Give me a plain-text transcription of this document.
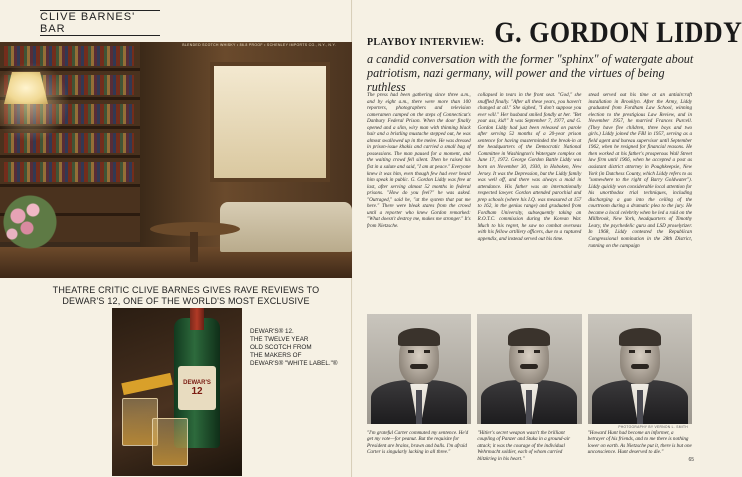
CLIVE BARNES' BAR
BLENDED SCOTCH WHISKY • 86.8 PROOF • SCHENLEY IMPORTS CO., N.Y., N.Y.
THEATRE CRITIC CLIVE BARNES GIVES RAVE REVIEWS TO DEWAR'S 12, ONE OF THE WORLD'S MOST EXCLUSIVE
DEWAR'S
12
DEWAR'S® 12.
THE TWELVE YEAR
OLD SCOTCH FROM
THE MAKERS OF
DEWAR'S® "WHITE LABEL."®
PLAYBOY INTERVIEW: G. GORDON LIDDY
a candid conversation with the former "sphinx" of watergate about patriotism, nazi germany, will power and the virtues of being ruthless
The press had been gathering since three a.m., and by eight a.m., there were more than 100 reporters, photographers and television cameramen camped on the steps of Connecticut's Danbury Federal Prison. When the door finally opened and a slim, wiry man with thinning black hair and a bristling mustache stepped out, he was almost swallowed up in the melee. He was dressed in prison-issue khakis and carried a small bag of possessions. The man paused for a moment, and the waiting crowd fell silent. Then he raised his fist in a salute and said, "I am at peace." Everyone knew it was him, even though few had ever heard him speak in public. G. Gordon Liddy was free at last, after serving almost 52 months in federal prisons. "How do you feel?" he was asked. "Outraged," said he, "at the system that put me here." There were bleak stares from the crowd until a reporter who knew Gordon remarked: "What doesn't destroy me, makes me stronger." It's from Nietzsche.
collapsed in tears in the front seat. "God," she snuffled finally. "After all these years, you haven't changed at all." She sighed, "I don't suppose you ever will." Her husband smiled fondly at her. "Bet your ass, kid!" It was September 7, 1977, and G. Gordon Liddy had just been released on parole after serving 52 months of a 20-year prison sentence for having masterminded the break-in at the headquarters of the Democratic National Committee in Washington's Watergate complex on June 17, 1972. George Gordon Battle Liddy was born on November 30, 1930, in Hoboken, New Jersey. It was the Depression, but the Liddy family was well off, and there was always a maid in attendance. His father was an internationally respected lawyer. Gordon attended parochial and prep schools (where his I.Q. was measured at 157 to 162, in the genius range) and graduated from Fordham University, subsequently taking an R.O.T.C. commission during the Korean War. Much to his regret, he saw no combat overseas with his fellow artillery officers, due to a ruptured appendix, and instead served out his time.
stead served out his time at an antiaircraft installation in Brooklyn. After the Army, Liddy graduated from Fordham Law School, winning election to the prestigious Law Review, and in November 1957, he married Frances Purcell. (They have five children, three boys and two girls.) Liddy joined the FBI in 1957, serving as a field agent and bureau supervisor until September 1962, when he resigned for financial reasons. He then worked at his father's prosperous Wall Street law firm until 1966, when he accepted a post as assistant district attorney in Poughkeepsie, New York (in Dutchess County, which Liddy refers to as "somewhere to the right of Barry Goldwater"). Liddy quickly won considerable local attention for his unorthodox trial techniques, including discharging a gun into the ceiling of the courtroom during a dramatic plea to the jury. He became a local celebrity when he led a raid on the Millbrook, New York, headquarters of Timothy Leary, the psychedelic guru and LSD proselytizer. In 1968, Liddy contested the Republican Congressional nomination in the 28th District, running on the campaign
PHOTOGRAPHY BY VERNON L. SMITH
"I'm grateful Carter commuted my sentence. He'd get my vote—for peanut. But the requisite for President are brains, brawn and balls. I'm afraid Carter is singularly lacking in all three."
"Hitler's secret weapon wasn't the brilliant coupling of Panzer and Stuka in a ground-air attack; it was the courage of the individual Wehrmacht soldier, each of whom carried blitzkrieg in his heart."
"Howard Hunt had become an informer, a betrayer of his friends, and to me there is nothing lower on earth. As Nietzsche put it, there is but one unconscience. Hunt deserved to die."
65
